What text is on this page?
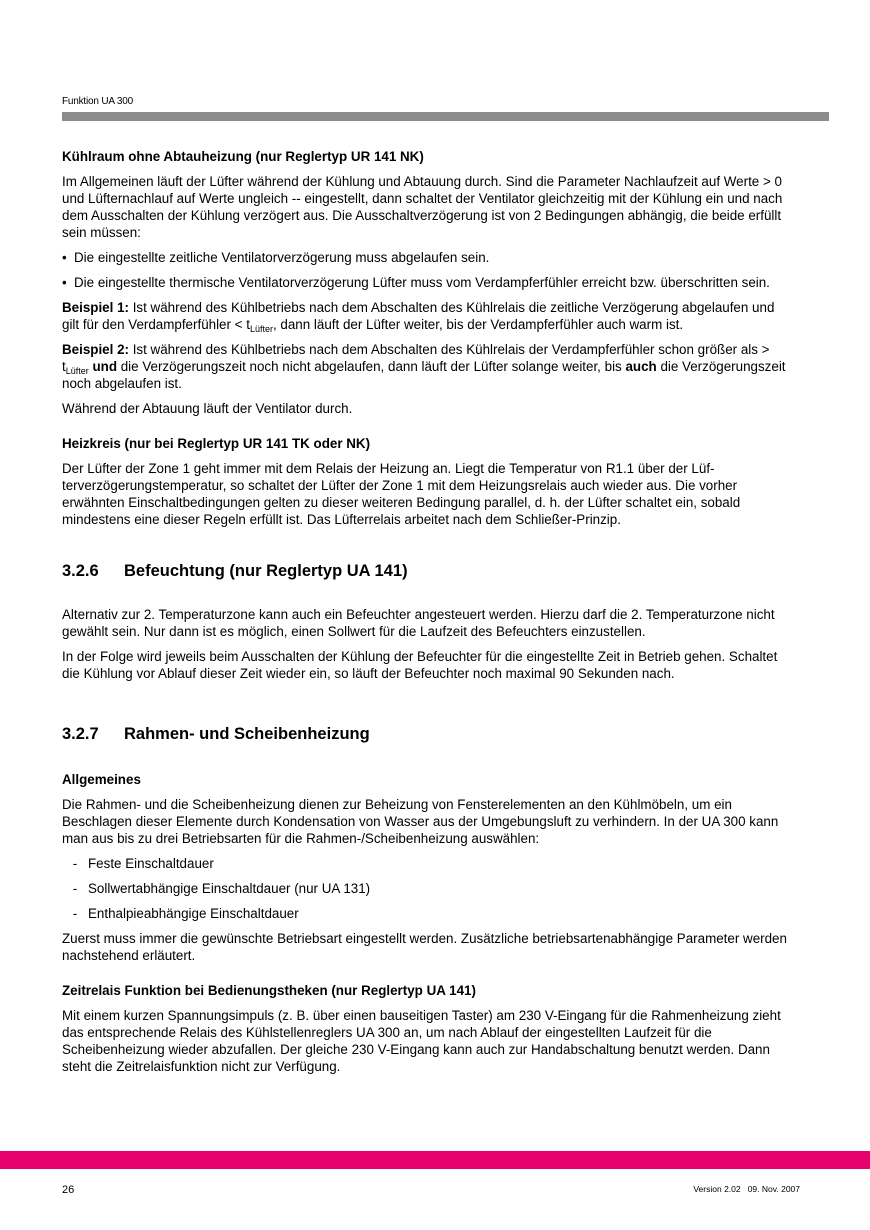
Funktion UA 300
Kühlraum ohne Abtauheizung (nur Reglertyp UR 141 NK)

Im Allgemeinen läuft der Lüfter während der Kühlung und Abtauung durch. Sind die Parameter Nachlaufzeit auf Werte > 0 und Lüfternachlauf auf Werte ungleich -- eingestellt, dann schaltet der Ventilator gleichzeitig mit der Kühlung ein und nach dem Ausschalten der Kühlung verzögert aus. Die Ausschaltverzögerung ist von 2 Bedingungen abhängig, die beide erfüllt sein müssen:

• Die eingestellte zeitliche Ventilatorverzögerung muss abgelaufen sein.
• Die eingestellte thermische Ventilatorverzögerung Lüfter muss vom Verdampferfühler erreicht bzw. überschritten sein.

Beispiel 1: Ist während des Kühlbetriebs nach dem Abschalten des Kühlrelais die zeitliche Verzögerung abgelaufen und gilt für den Verdampferfühler < $t_{Lüfter}$, dann läuft der Lüfter weiter, bis der Verdampferfühler auch warm ist.

Beispiel 2: Ist während des Kühlbetriebs nach dem Abschalten des Kühlrelais der Verdampferfühler schon größer als > $t_{Lüfter}$ und die Verzögerungszeit noch nicht abgelaufen, dann läuft der Lüfter solange weiter, bis auch die Verzögerungszeit noch abgelaufen ist.

Während der Abtauung läuft der Ventilator durch.

Heizkreis (nur bei Reglertyp UR 141 TK oder NK)

Der Lüfter der Zone 1 geht immer mit dem Relais der Heizung an. Liegt die Temperatur von R1.1 über der Lüfterverzögerungstemperatur, so schaltet der Lüfter der Zone 1 mit dem Heizungsrelais auch wieder aus. Die vorher erwähnten Einschaltbedingungen gelten zu dieser weiteren Bedingung parallel, d. h. der Lüfter schaltet ein, sobald mindestens eine dieser Regeln erfüllt ist. Das Lüfterrelais arbeitet nach dem Schließer-Prinzip.

3.2.6 Befeuchtung (nur Reglertyp UA 141)

Alternativ zur 2. Temperaturzone kann auch ein Befeuchter angesteuert werden. Hierzu darf die 2. Temperaturzone nicht gewählt sein. Nur dann ist es möglich, einen Sollwert für die Laufzeit des Befeuchters einzustellen.

In der Folge wird jeweils beim Ausschalten der Kühlung der Befeuchter für die eingestellte Zeit in Betrieb gehen. Schaltet die Kühlung vor Ablauf dieser Zeit wieder ein, so läuft der Befeuchter noch maximal 90 Sekunden nach.

3.2.7 Rahmen- und Scheibenheizung
Allgemeines

Die Rahmen- und die Scheibenheizung dienen zur Beheizung von Fensterelementen an den Kühlmöbeln, um ein Beschlagen dieser Elemente durch Kondensation von Wasser aus der Umgebungsluft zu verhindern. In der UA 300 kann man aus bis zu drei Betriebsarten für die Rahmen-/Scheibenheizung auswählen:

- Feste Einschaltdauer
- Sollwertabhängige Einschaltdauer (nur UA 131)
- Enthalpieabhängige Einschaltdauer

Zuerst muss immer die gewünschte Betriebsart eingestellt werden. Zusätzliche betriebsartenabhängige Parameter werden nachstehend erläutert.

Zeitrelais Funktion bei Bedienungstheken (nur Reglertyp UA 141)

Mit einem kurzen Spannungsimpuls (z. B. über einen bauseitigen Taster) am 230 V-Eingang für die Rahmenheizung zieht das entsprechende Relais des Kühlstellenreglers UA 300 an, um nach Ablauf der eingestellten Laufzeit für die Scheibenheizung wieder abzufallen. Der gleiche 230 V-Eingang kann auch zur Handabschaltung benutzt werden. Dann steht die Zeitrelaisfunktion nicht zur Verfügung.

26	Version 2.02   09. Nov. 2007
